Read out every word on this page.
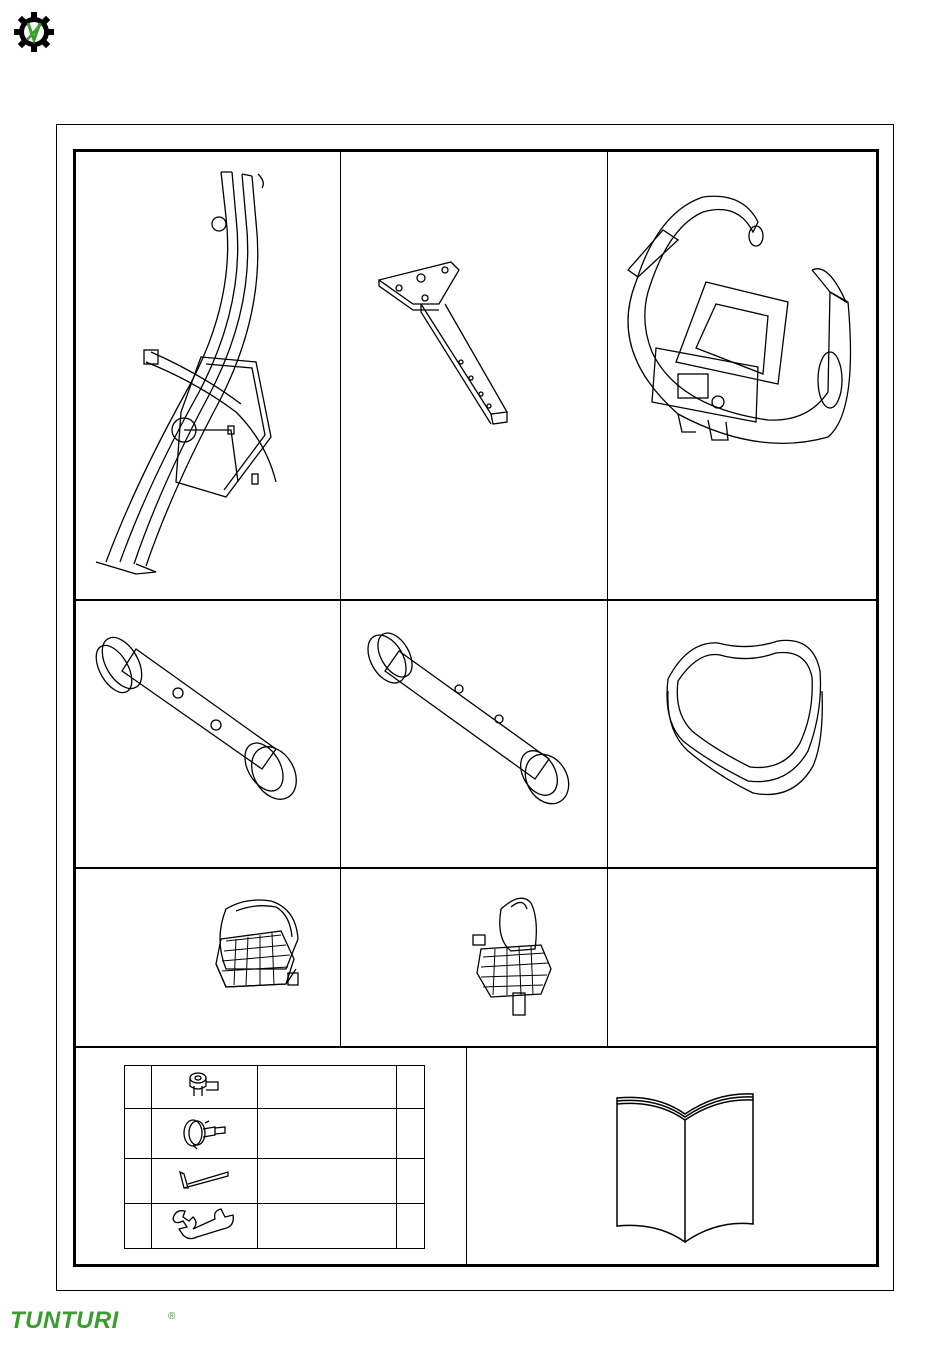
TUNTURI	®
